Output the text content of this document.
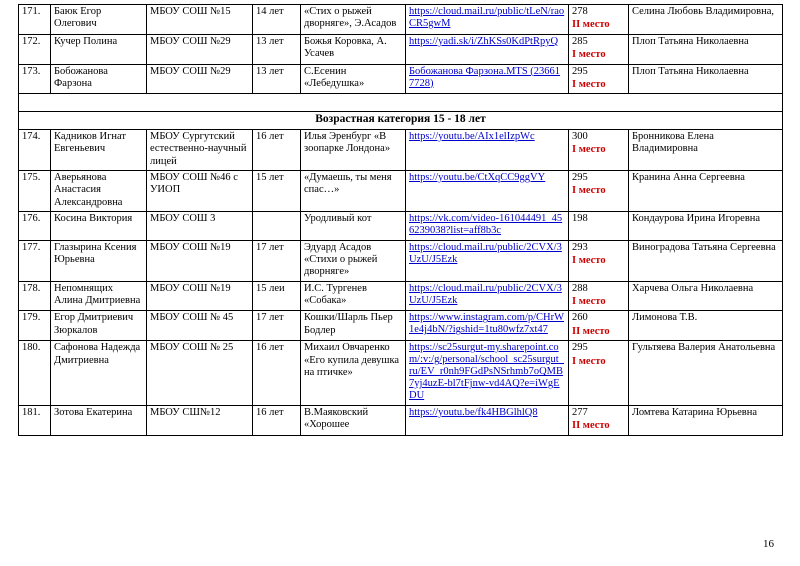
171.	Баюк Егор Олегович	МБОУ СОШ №15	14 лет	«Стих о рыжей дворняге», Э.Асадов	https://cloud.mail.ru/public/tLeN/raoCR5gwM	278
II место	Селина Любовь Владимировна,
172.	Кучер Полина	МБОУ СОШ №29	13 лет	Божья Коровка, А. Усачев	https://yadi.sk/i/ZhKSs0KdPtRpyQ	285
I место	Плоп Татьяна Николаевна
173.	Бобожанова Фарзона	МБОУ СОШ №29	13 лет	С.Есенин «Лебедушка»	Бобожанова Фарзона.MTS (236617728)	295
I место	Плоп Татьяна Николаевна

Возрастная категория 15 - 18 лет							
174.	Кадников Игнат Евгеньевич	МБОУ Сургутский естественно-научный лицей	16 лет	Илья Эренбург «В зоопарке Лондона»	https://youtu.be/AIx1elIzpWc	300
I место	Бронникова Елена Владимировна
175.	Аверьянова Анастасия Александровна	МБОУ СОШ №46 с УИОП	15 лет	«Думаешь, ты меня спас…»	https://youtu.be/CtXqCC9ggVY	295
I место	Кранина Анна Сергеевна
176.	Косина Виктория	МБОУ СОШ 3		Уродливый кот	https://vk.com/video-161044491_456239038?list=aff8b3c	198	Кондаурова Ирина Игоревна
177.	Глазырина Ксения Юрьевна	МБОУ СОШ №19	17 лет	Эдуард Асадов «Стихи о рыжей дворняге»	https://cloud.mail.ru/public/2CVX/3UzU/J5Ezk	293
I место	Виноградова Татьяна Сергеевна
178.	Непомнящих Алина Дмитриевна	МБОУ СОШ №19	15 леи	И.С. Тургенев «Собака»	https://cloud.mail.ru/public/2CVX/3UzU/J5Ezk	288
I место	Харчева Ольга Николаевна
179.	Егор Дмитриевич Зюркалов	МБОУ СОШ № 45	17 лет	Кошки/Шарль Пьер Бодлер	https://www.instagram.com/p/CHrW1e4j4bN/?igshid=1tu80wfz7xt47	260
II место	Лимонова Т.В.
180.	Сафонова Надежда Дмитриевна	МБОУ СОШ № 25	16 лет	Михаил Овчаренко «Его купила девушка на птичке»	https://sc25surgut-my.sharepoint.com/:v:/g/personal/school_sc25surgut_ru/EV_r0nh9FGdPsNSrhmb7oQMB7yj4uzE-bl7tFjnw-vd4AQ?e=iWgEDU	295
I место	Гультяева Валерия Анатольевна
181.	Зотова Екатерина	МБОУ СШ№12	16 лет	В.Маяковский «Хорошее	https://youtu.be/fk4HBGlhlQ8	277
II место	Ломтева Катарина Юрьевна
16
